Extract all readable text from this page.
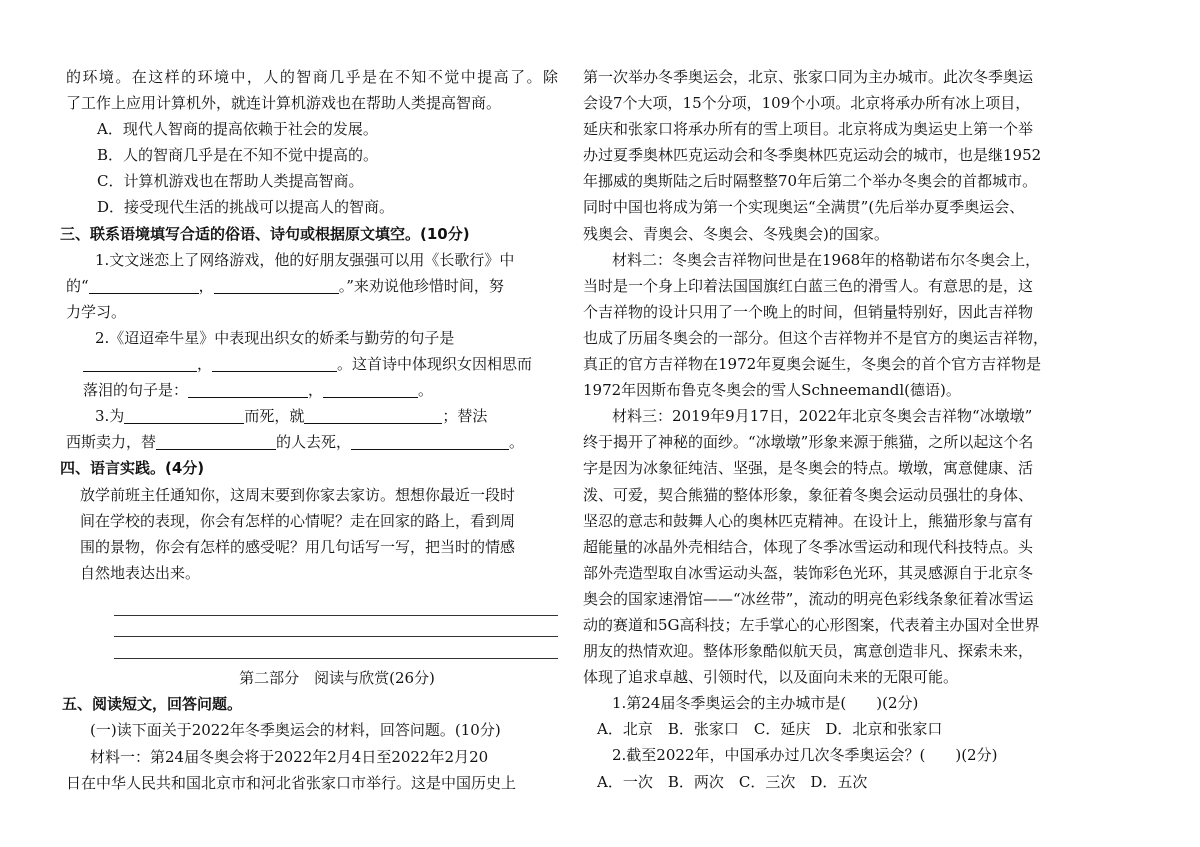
的环境。在这样的环境中，人的智商几乎是在不知不觉中提高了。除
了工作上应用计算机外，就连计算机游戏也在帮助人类提高智商。
A．现代人智商的提高依赖于社会的发展。
B．人的智商几乎是在不知不觉中提高的。
C．计算机游戏也在帮助人类提高智商。
D．接受现代生活的挑战可以提高人的智商。
三、联系语境填写合适的俗语、诗句或根据原文填空。(10分)
1.文文迷恋上了网络游戏，他的好朋友强强可以用《长歌行》中
的“	，	。”来劝说他珍惜时间，努
力学习。
2.《迢迢牵牛星》中表现出织女的娇柔与勤劳的句子是
，	。这首诗中体现织女因相思而
落泪的句子是：	，	。
3.为	而死，就	；替法
西斯卖力，替	的人去死，	。
四、语言实践。(4分)
放学前班主任通知你，这周末要到你家去家访。想想你最近一段时
间在学校的表现，你会有怎样的心情呢？走在回家的路上，看到周
围的景物，你会有怎样的感受呢？用几句话写一写，把当时的情感
自然地表达出来。
第二部分　阅读与欣赏(26分)
五、阅读短文，回答问题。
(一)读下面关于2022年冬季奥运会的材料，回答问题。(10分)
材料一：第24届冬奥会将于2022年2月4日至2022年2月20
日在中华人民共和国北京市和河北省张家口市举行。这是中国历史上
第一次举办冬季奥运会，北京、张家口同为主办城市。此次冬季奥运
会设7个大项，15个分项，109个小项。北京将承办所有冰上项目，
延庆和张家口将承办所有的雪上项目。北京将成为奥运史上第一个举
办过夏季奥林匹克运动会和冬季奥林匹克运动会的城市，也是继1952
年挪威的奥斯陆之后时隔整整70年后第二个举办冬奥会的首都城市。
同时中国也将成为第一个实现奥运“全满贯”(先后举办夏季奥运会、
残奥会、青奥会、冬奥会、冬残奥会)的国家。
材料二：冬奥会吉祥物问世是在1968年的格勒诺布尔冬奥会上，
当时是一个身上印着法国国旗红白蓝三色的滑雪人。有意思的是，这
个吉祥物的设计只用了一个晚上的时间，但销量特别好，因此吉祥物
也成了历届冬奥会的一部分。但这个吉祥物并不是官方的奥运吉祥物，
真正的官方吉祥物在1972年夏奥会诞生，冬奥会的首个官方吉祥物是
1972年因斯布鲁克冬奥会的雪人Schneemandl(德语)。
材料三：2019年9月17日，2022年北京冬奥会吉祥物“冰墩墩”
终于揭开了神秘的面纱。“冰墩墩”形象来源于熊猫，之所以起这个名
字是因为冰象征纯洁、坚强，是冬奥会的特点。墩墩，寓意健康、活
泼、可爱，契合熊猫的整体形象，象征着冬奥会运动员强壮的身体、
坚忍的意志和鼓舞人心的奥林匹克精神。在设计上，熊猫形象与富有
超能量的冰晶外壳相结合，体现了冬季冰雪运动和现代科技特点。头
部外壳造型取自冰雪运动头盔，装饰彩色光环，其灵感源自于北京冬
奥会的国家速滑馆——“冰丝带”，流动的明亮色彩线条象征着冰雪运
动的赛道和5G高科技；左手掌心的心形图案，代表着主办国对全世界
朋友的热情欢迎。整体形象酷似航天员，寓意创造非凡、探索未来，
体现了追求卓越、引领时代，以及面向未来的无限可能。
1.第24届冬季奥运会的主办城市是(　　)(2分)
A．北京　B．张家口　C．延庆　D．北京和张家口
2.截至2022年，中国承办过几次冬季奥运会？(　　)(2分)
A．一次　B．两次　C．三次　D．五次
